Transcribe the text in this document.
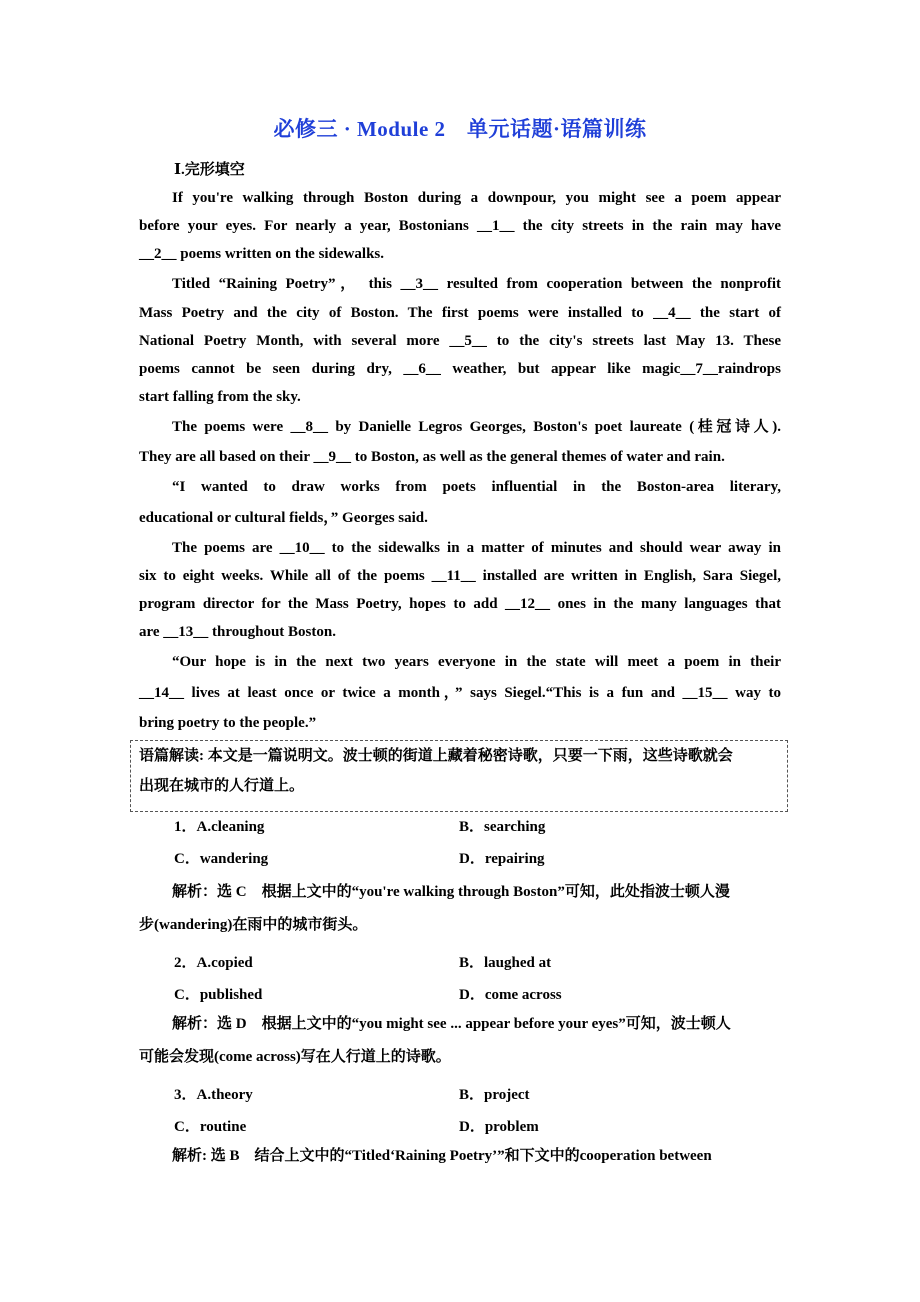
必修三 · Module 2　单元话题·语篇训练
Ⅰ.完形填空
If you're walking through Boston during a downpour, you might see a poem appear
before your eyes. For nearly a year, Bostonians __1__ the city streets in the rain may have
__2__ poems written on the sidewalks.
Titled “Raining Poetry”， this __3__ resulted from cooperation between the nonprofit
Mass Poetry and the city of Boston. The first poems were installed to __4__ the start of
National Poetry Month, with several more __5__ to the city's streets last May 13. These
poems cannot be seen during dry, __6__ weather, but appear like magic__7__raindrops
start falling from the sky.
The poems were __8__ by Danielle Legros Georges, Boston's poet laureate (桂冠诗人).
They are all based on their __9__ to Boston, as well as the general themes of water and rain.
“I wanted to draw works from poets influential in the Boston-area literary,
educational or cultural fields，” Georges said.
The poems are __10__ to the sidewalks in a matter of minutes and should wear away in
six to eight weeks. While all of the poems __11__ installed are written in English, Sara Siegel,
program director for the Mass Poetry, hopes to add __12__ ones in the many languages that
are __13__ throughout Boston.
“Our hope is in the next two years everyone in the state will meet a poem in their
__14__ lives at least once or twice a month，” says Siegel.“This is a fun and __15__ way to
bring poetry to the people.”
语篇解读: 本文是一篇说明文。波士顿的街道上藏着秘密诗歌，只要一下雨，这些诗歌就会
出现在城市的人行道上。
1．A.cleaning	B．searching
C．wandering	D．repairing
解析：选 C　根据上文中的“you're walking through Boston”可知，此处指波士顿人漫
步(wandering)在雨中的城市街头。
2．A.copied	B．laughed at
C．published	D．come across
解析：选 D　根据上文中的“you might see ... appear before your eyes”可知，波士顿人
可能会发现(come across)写在人行道上的诗歌。
3．A.theory	B．project
C．routine	D．problem
解析: 选 B　结合上文中的“Titled‘Raining Poetry’”和下文中的cooperation between
